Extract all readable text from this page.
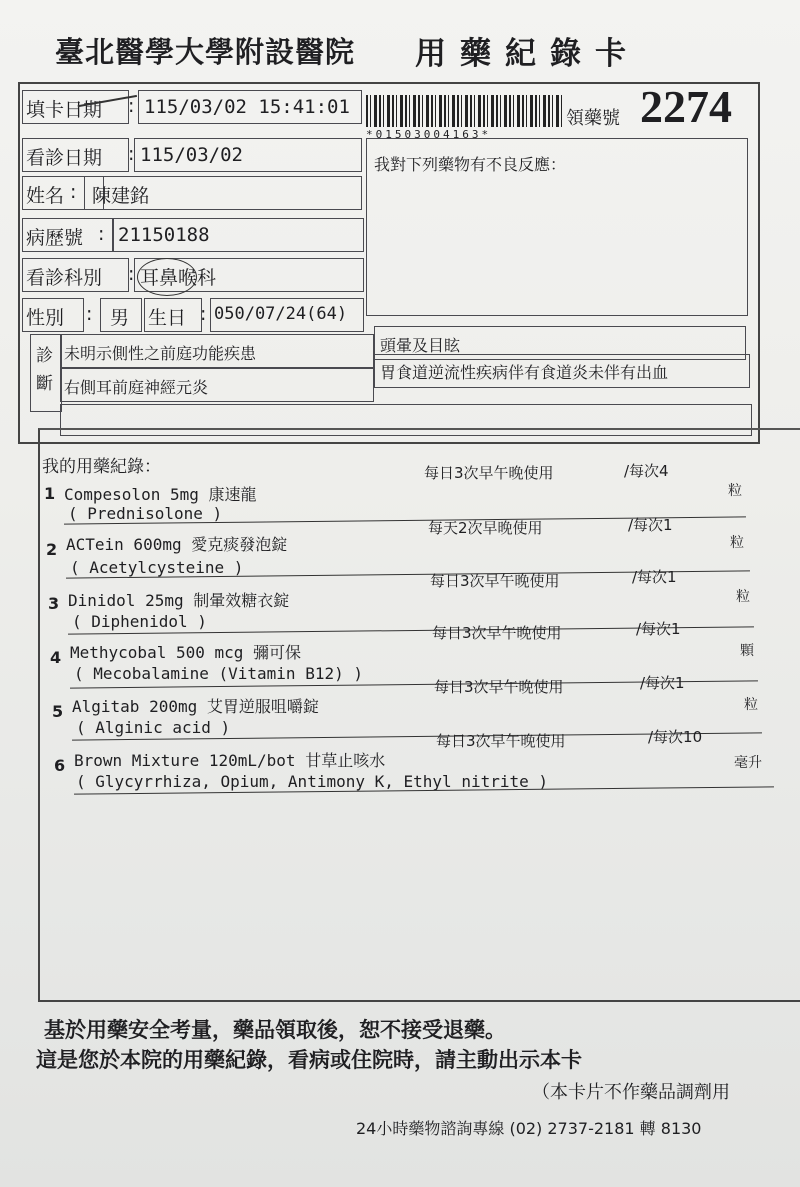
臺北醫學大學附設醫院 用藥紀錄卡
填卡日期 : 115/03/02 15:41:01
看診日期 : 115/03/02
姓名 : 陳建銘
病歷號 : 21150188
看診科別 : 耳鼻喉科
性別 : 男 生日 : 050/07/24(64)
*01503004163*
領藥號 2274
我對下列藥物有不良反應：
診斷
未明示側性之前庭功能疾患	頭暈及目眩
右側耳前庭神經元炎
胃食道逆流性疾病伴有食道炎未伴有出血
我的用藥紀錄：
1 Compesolon 5mg 康速龍
( Prednisolone )
每日3次早午晚使用	/每次4
粒
2 ACTein 600mg 愛克痰發泡錠
( Acetylcysteine )
每天2次早晚使用	/每次1
粒
3 Dinidol 25mg 制暈效糖衣錠
( Diphenidol )
每日3次早午晚使用	/每次1
粒
4 Methycobal 500 mcg 彌可保
( Mecobalamine (Vitamin B12) )
每日3次早午晚使用	/每次1
顆
5 Algitab 200mg 艾胃逆服咀嚼錠
( Alginic acid )
每日3次早午晚使用	/每次1
粒
6 Brown Mixture 120mL/bot 甘草止咳水
( Glycyrrhiza, Opium, Antimony K, Ethyl nitrite )
每日3次早午晚使用	/每次10
毫升
基於用藥安全考量，藥品領取後，恕不接受退藥。
這是您於本院的用藥紀錄，看病或住院時，請主動出示本卡
（本卡片不作藥品調劑用
24小時藥物諮詢專線 (02) 2737-2181 轉 8130
